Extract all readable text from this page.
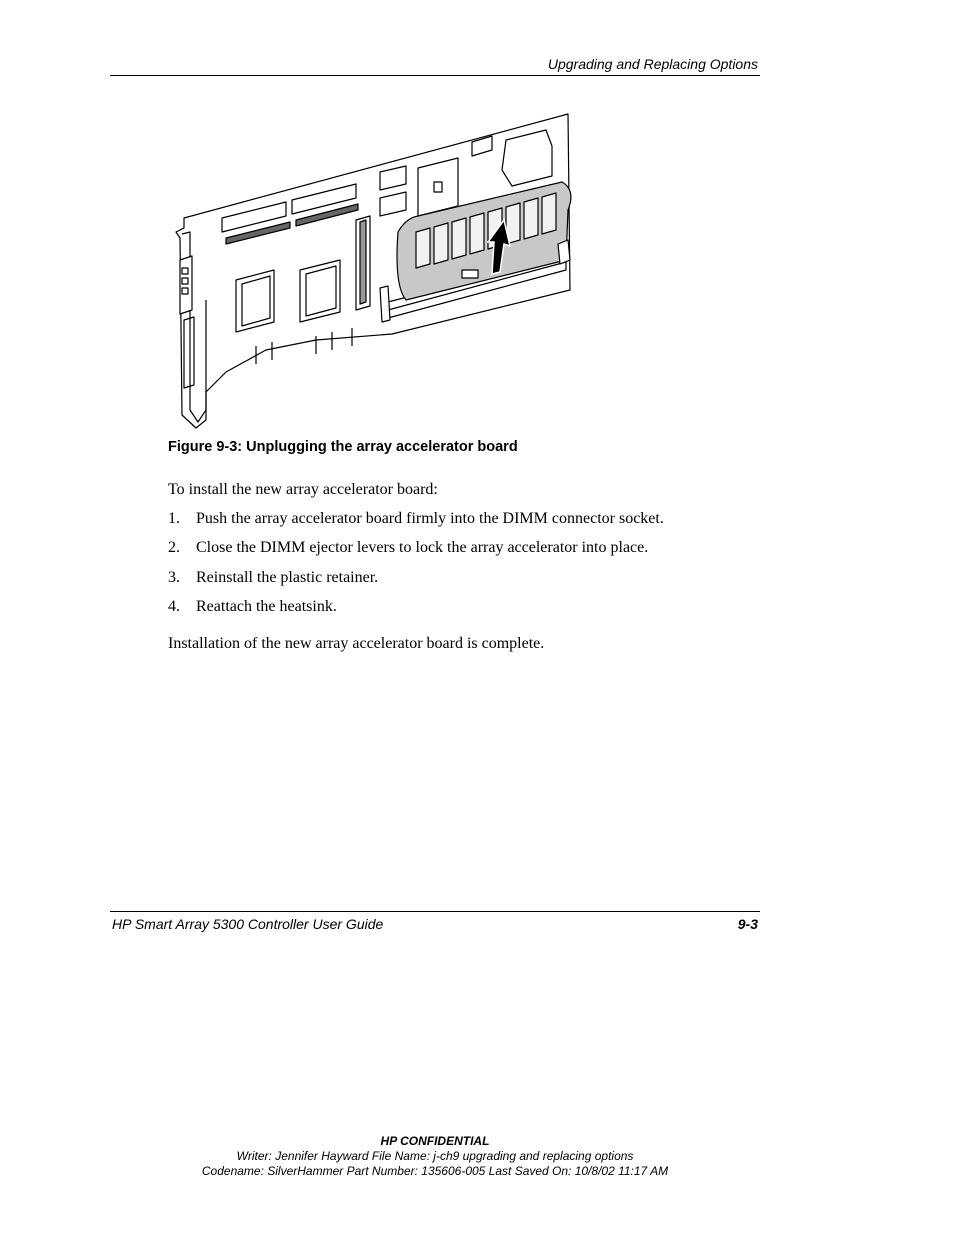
Upgrading and Replacing Options
Figure 9-3: Unplugging the array accelerator board
To install the new array accelerator board:
1. Push the array accelerator board firmly into the DIMM connector socket.
2. Close the DIMM ejector levers to lock the array accelerator into place.
3. Reinstall the plastic retainer.
4. Reattach the heatsink.
Installation of the new array accelerator board is complete.
HP Smart Array 5300 Controller User Guide	9-3
HP CONFIDENTIAL
Writer: Jennifer Hayward File Name: j-ch9 upgrading and replacing options
Codename: SilverHammer Part Number: 135606-005 Last Saved On: 10/8/02 11:17 AM
